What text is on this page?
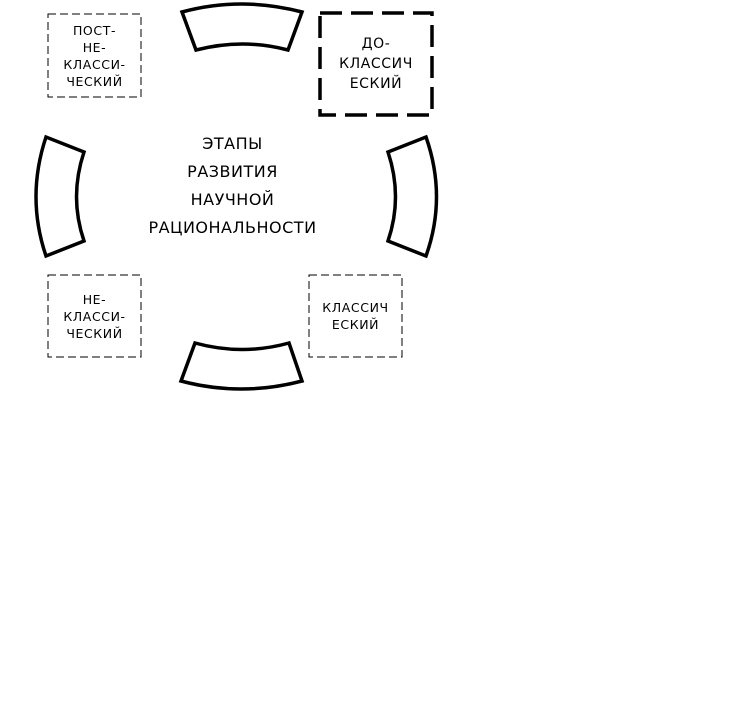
ЭТАПЫ
РАЗВИТИЯ
НАУЧНОЙ
РАЦИОНАЛЬНОСТИ
ДО-
КЛАССИЧ
ЕСКИЙ
ПОСТ-
НЕ-
КЛАССИ-
ЧЕСКИЙ
НЕ-
КЛАССИ-
ЧЕСКИЙ
КЛАССИЧ
ЕСКИЙ
